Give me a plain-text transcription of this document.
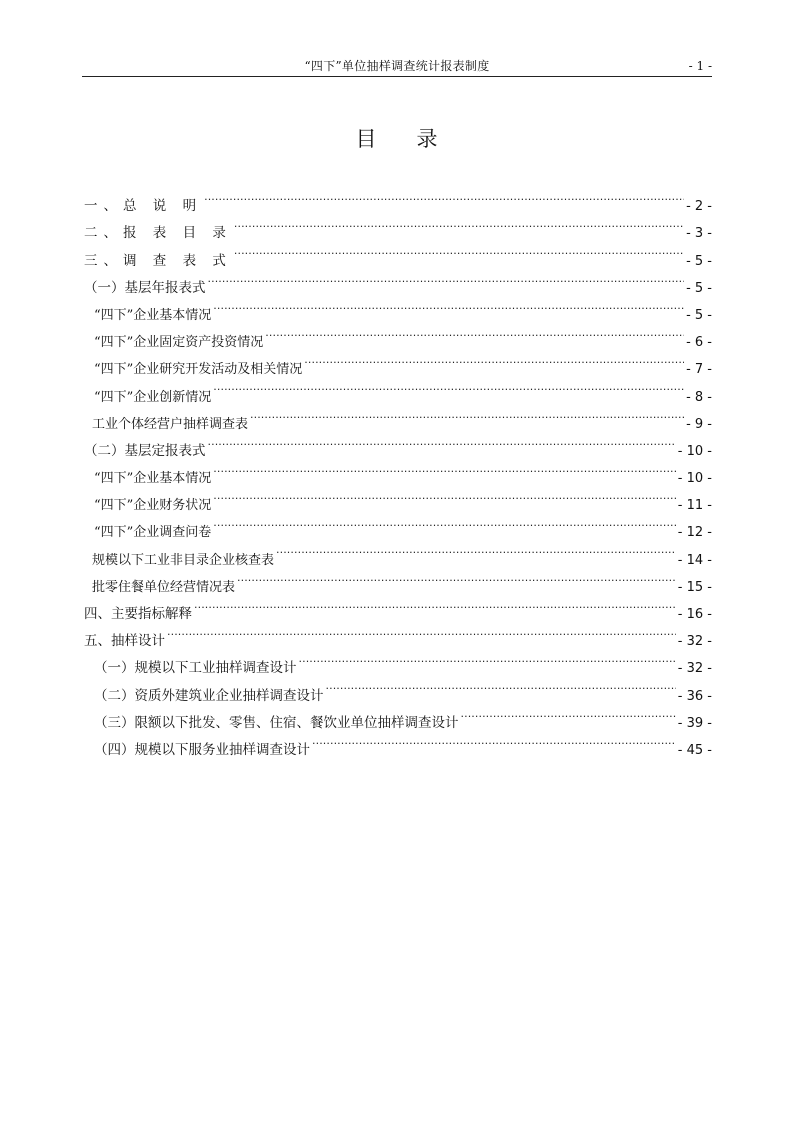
“四下”单位抽样调查统计报表制度	- 1 -
目录
一、总 说 明 .....	- 2 -
二、报 表 目 录 .....	- 3 -
三、调 查 表 式 .....	- 5 -
（一）基层年报表式 .....	- 5 -
“四下”企业基本情况 .....	- 5 -
“四下”企业固定资产投资情况 .....	- 6 -
“四下”企业研究开发活动及相关情况 .....	- 7 -
“四下”企业创新情况 .....	- 8 -
工业个体经营户抽样调查表 .....	- 9 -
（二）基层定报表式 .....	- 10 -
“四下”企业基本情况 .....	- 10 -
“四下”企业财务状况 .....	- 11 -
“四下”企业调查问卷 .....	- 12 -
规模以下工业非目录企业核查表 .....	- 14 -
批零住餐单位经营情况表 .....	- 15 -
四、主要指标解释 .....	- 16 -
五、抽样设计 .....	- 32 -
（一）规模以下工业抽样调查设计 .....	- 32 -
（二）资质外建筑业企业抽样调查设计 .....	- 36 -
（三）限额以下批发、零售、住宿、餐饮业单位抽样调查设计 .....	- 39 -
（四）规模以下服务业抽样调查设计 .....	- 45 -
